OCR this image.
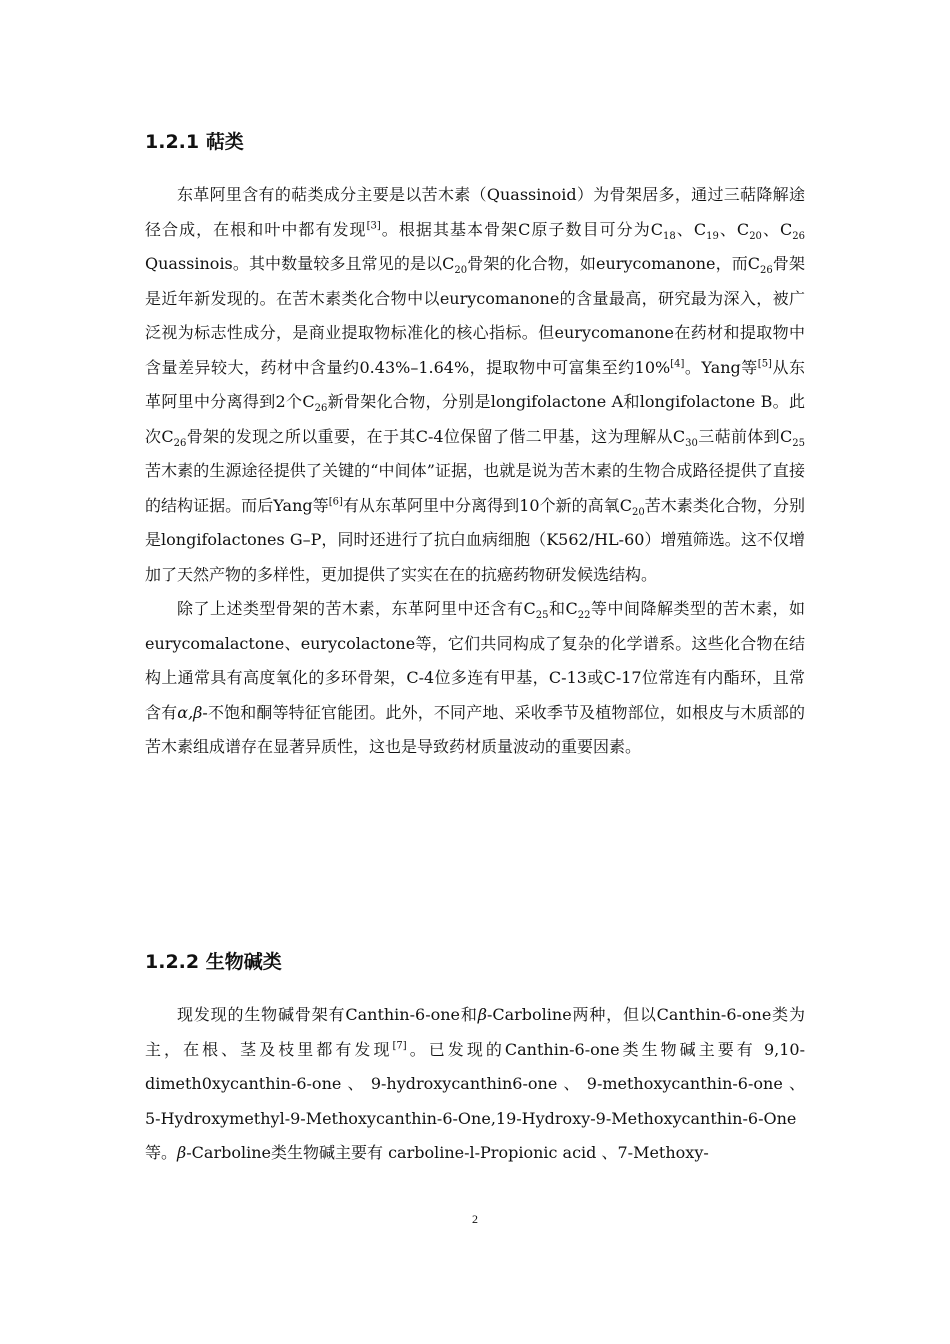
1.2.1 萜类

东革阿里含有的萜类成分主要是以苦木素（Quassinoid）为骨架居多，通过三萜降解途径合成，在根和叶中都有发现[3]。根据其基本骨架C原子数目可分为$C_{18}$、$C_{19}$、$C_{20}$、$C_{26}$ Quassinois。其中数量较多且常见的是以$C_{20}$骨架的化合物，如eurycomanone，而$C_{26}$骨架是近年新发现的。在苦木素类化合物中以eurycomanone的含量最高，研究最为深入，被广泛视为标志性成分，是商业提取物标准化的核心指标。但eurycomanone在药材和提取物中含量差异较大，药材中含量约0.43%–1.64%，提取物中可富集至约10%[4]。Yang等[5]从东革阿里中分离得到2个$C_{26}$新骨架化合物，分别是longifolactone A和longifolactone B。此次$C_{26}$骨架的发现之所以重要，在于其C-4位保留了偕二甲基，这为理解从$C_{30}$三萜前体到$C_{25}$苦木素的生源途径提供了关键的“中间体”证据，也就是说为苦木素的生物合成路径提供了直接的结构证据。而后Yang等[6]有从东革阿里中分离得到10个新的高氧$C_{20}$苦木素类化合物，分别是longifolactones G–P，同时还进行了抗白血病细胞（K562/HL-60）增殖筛选。这不仅增加了天然产物的多样性，更加提供了实实在在的抗癌药物研发候选结构。

除了上述类型骨架的苦木素，东革阿里中还含有$C_{25}$和$C_{22}$等中间降解类型的苦木素，如eurycomalactone、eurycolactone等，它们共同构成了复杂的化学谱系。这些化合物在结构上通常具有高度氧化的多环骨架，C-4位多连有甲基，C-13或C-17位常连有内酯环，且常含有α,β-不饱和酮等特征官能团。此外，不同产地、采收季节及植物部位，如根皮与木质部的苦木素组成谱存在显著异质性，这也是导致药材质量波动的重要因素。

1.2.2 生物碱类

现发现的生物碱骨架有Canthin-6-one和β-Carboline两种，但以Canthin-6-one类为主，在根、茎及枝里都有发现[7]。已发现的Canthin-6-one类生物碱主要有 9,10-dimeth0xycanthin-6-one 、 9-hydroxycanthin6-one 、 9-methoxycanthin-6-one 、 5-Hydroxymethyl-9-Methoxycanthin-6-One,19-Hydroxy-9-Methoxycanthin-6-One等。β-Carboline类生物碱主要有 carboline-l-Propionic acid 、7-Methoxy-

2
